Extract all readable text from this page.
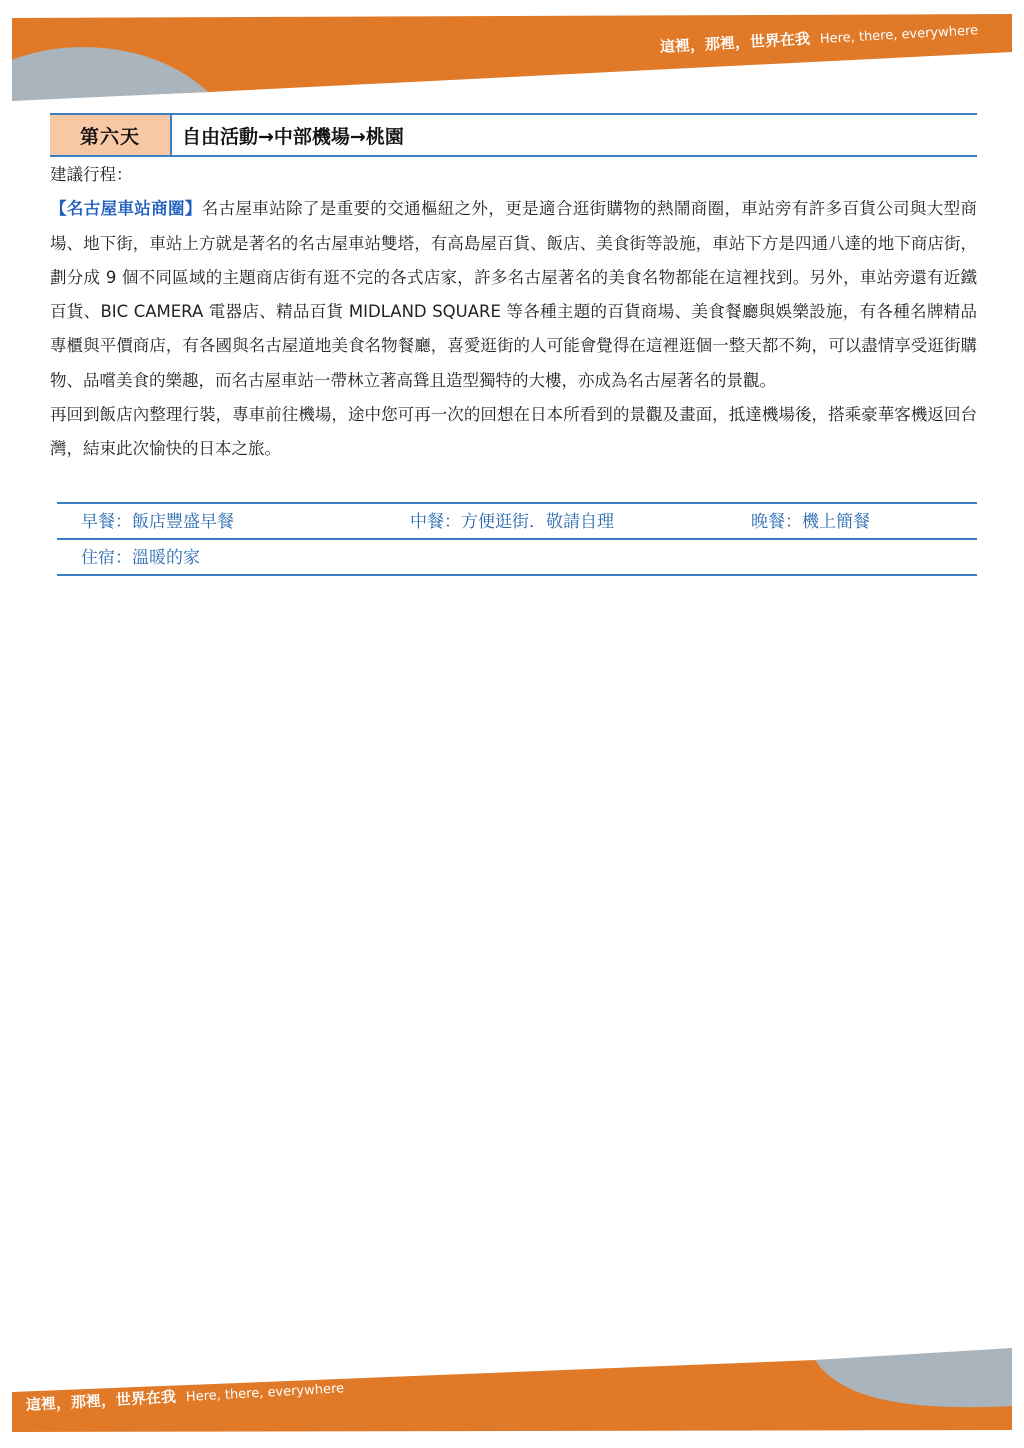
這裡，那裡，世界在我 Here, there, everywhere
第六天	自由活動→中部機場→桃園

建議行程：

【名古屋車站商圈】名古屋車站除了是重要的交通樞紐之外，更是適合逛街購物的熱鬧商圈，車站旁有許多百貨公司與大型商場、地下街，車站上方就是著名的名古屋車站雙塔，有高島屋百貨、飯店、美食街等設施，車站下方是四通八達的地下商店街，劃分成 9 個不同區域的主題商店街有逛不完的各式店家，許多名古屋著名的美食名物都能在這裡找到。另外，車站旁還有近鐵百貨、BIC CAMERA 電器店、精品百貨 MIDLAND SQUARE 等各種主題的百貨商場、美食餐廳與娛樂設施，有各種名牌精品專櫃與平價商店，有各國與名古屋道地美食名物餐廳，喜愛逛街的人可能會覺得在這裡逛個一整天都不夠，可以盡情享受逛街購物、品嚐美食的樂趣，而名古屋車站一帶林立著高聳且造型獨特的大樓，亦成為名古屋著名的景觀。

再回到飯店內整理行裝，專車前往機場，途中您可再一次的回想在日本所看到的景觀及畫面，抵達機場後，搭乘豪華客機返回台灣，結束此次愉快的日本之旅。

早餐：飯店豐盛早餐	中餐：方便逛街．敬請自理	晚餐：機上簡餐
住宿：溫暖的家
這裡，那裡，世界在我 Here, there, everywhere
